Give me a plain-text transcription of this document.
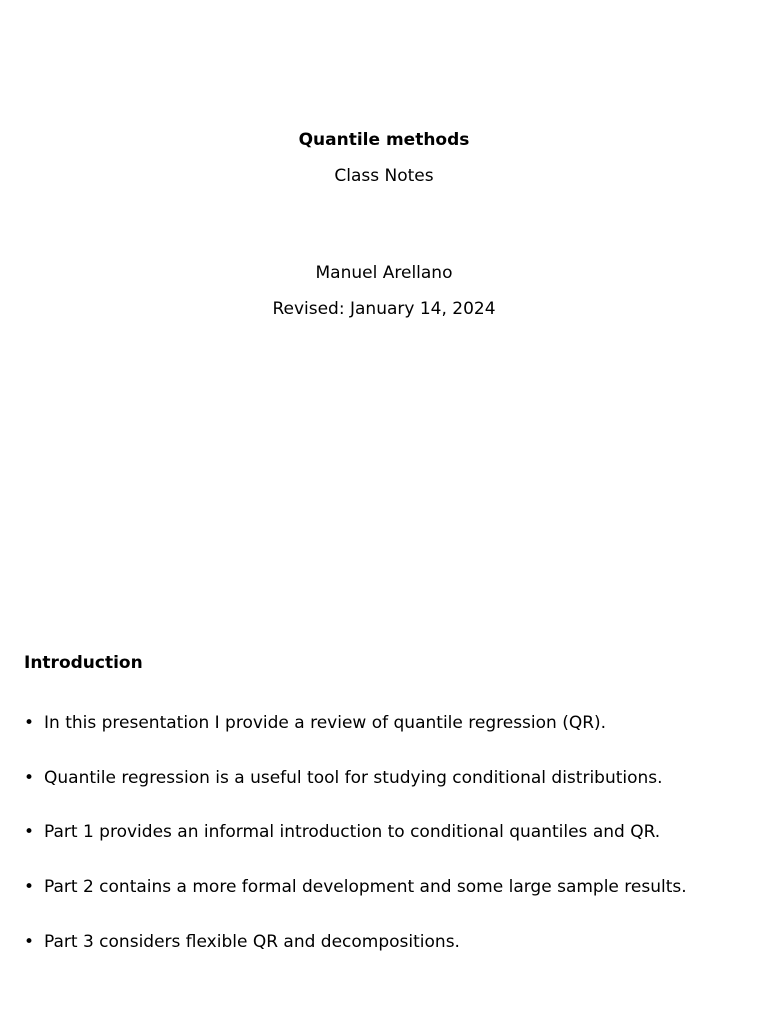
Quantile methods
Class Notes
Manuel Arellano
Revised: January 14, 2024
Introduction
• In this presentation I provide a review of quantile regression (QR).
• Quantile regression is a useful tool for studying conditional distributions.
• Part 1 provides an informal introduction to conditional quantiles and QR.
• Part 2 contains a more formal development and some large sample results.
• Part 3 considers flexible QR and decompositions.
